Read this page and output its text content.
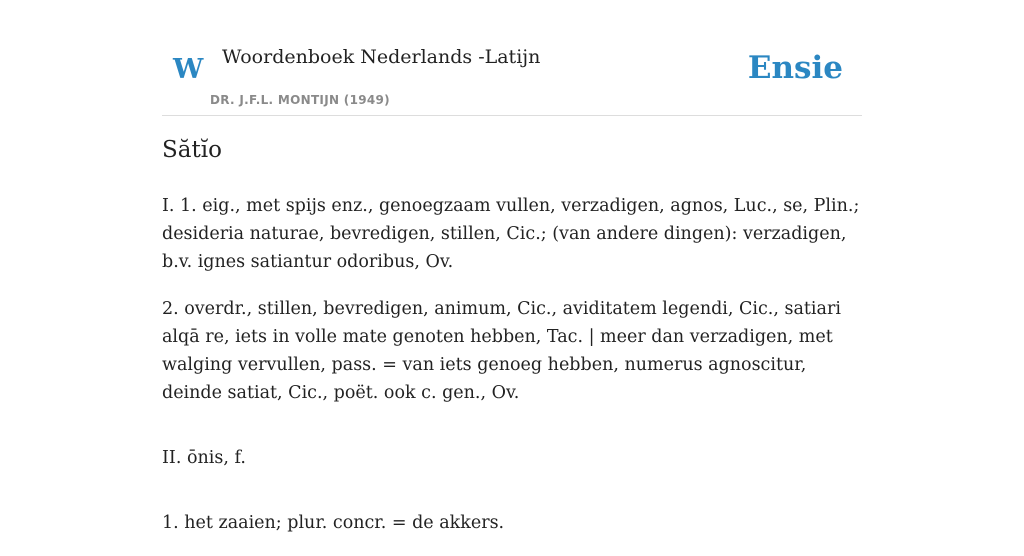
W Woordenboek Nederlands -Latijn
DR. J.F.L. MONTIJN (1949)
Ensie
Sătĭo

I. 1. eig., met spijs enz., genoegzaam vullen, verzadigen, agnos, Luc., se, Plin.; desideria naturae, bevredigen, stillen, Cic.; (van andere dingen): verzadigen, b.v. ignes satiantur odoribus, Ov.

2. overdr., stillen, bevredigen, animum, Cic., aviditatem legendi, Cic., satiari alqā re, iets in volle mate genoten hebben, Tac. | meer dan verzadigen, met walging vervullen, pass. = van iets genoeg hebben, numerus agnoscitur, deinde satiat, Cic., poët. ook c. gen., Ov.

II. ōnis, f.

1. het zaaien; plur. concr. = de akkers.
